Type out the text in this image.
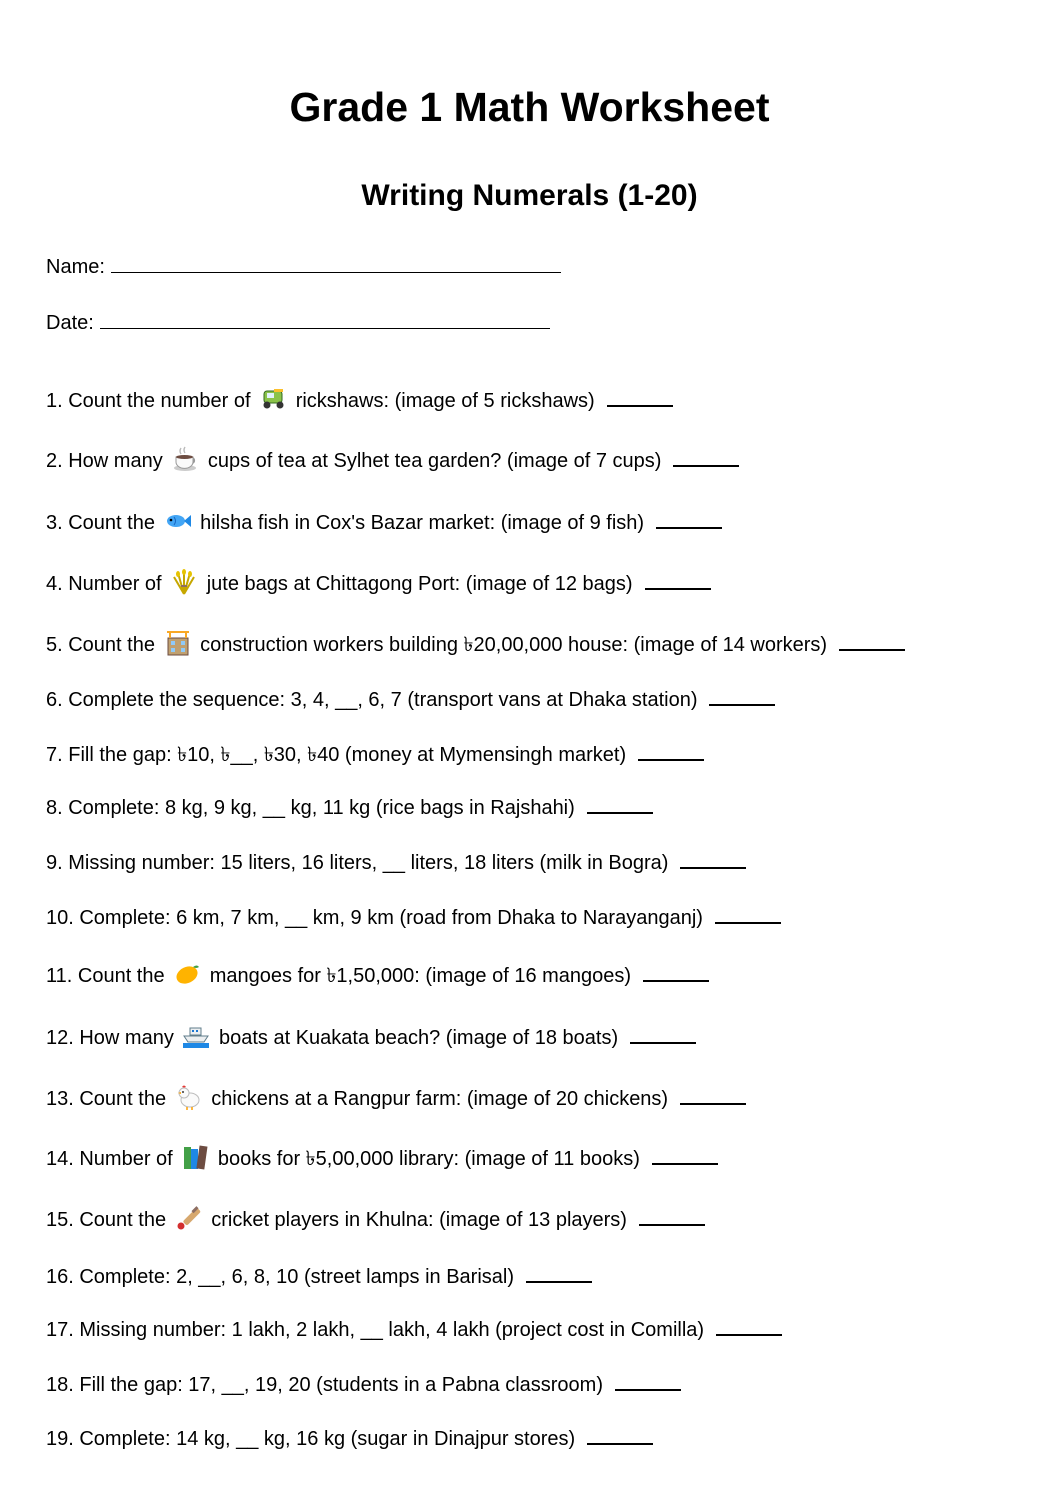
Grade 1 Math Worksheet
Writing Numerals (1-20)
Name:
Date:
1. Count the number of rickshaws: (image of 5 rickshaws)
2. How many cups of tea at Sylhet tea garden? (image of 7 cups)
3. Count the hilsha fish in Cox's Bazar market: (image of 9 fish)
4. Number of jute bags at Chittagong Port: (image of 12 bags)
5. Count the construction workers building ৳20,00,000 house: (image of 14 workers)
6. Complete the sequence: 3, 4, __, 6, 7 (transport vans at Dhaka station)
7. Fill the gap: ৳10, ৳__, ৳30, ৳40 (money at Mymensingh market)
8. Complete: 8 kg, 9 kg, __ kg, 11 kg (rice bags in Rajshahi)
9. Missing number: 15 liters, 16 liters, __ liters, 18 liters (milk in Bogra)
10. Complete: 6 km, 7 km, __ km, 9 km (road from Dhaka to Narayanganj)
11. Count the mangoes for ৳1,50,000: (image of 16 mangoes)
12. How many boats at Kuakata beach? (image of 18 boats)
13. Count the chickens at a Rangpur farm: (image of 20 chickens)
14. Number of books for ৳5,00,000 library: (image of 11 books)
15. Count the cricket players in Khulna: (image of 13 players)
16. Complete: 2, __, 6, 8, 10 (street lamps in Barisal)
17. Missing number: 1 lakh, 2 lakh, __ lakh, 4 lakh (project cost in Comilla)
18. Fill the gap: 17, __, 19, 20 (students in a Pabna classroom)
19. Complete: 14 kg, __ kg, 16 kg (sugar in Dinajpur stores)
